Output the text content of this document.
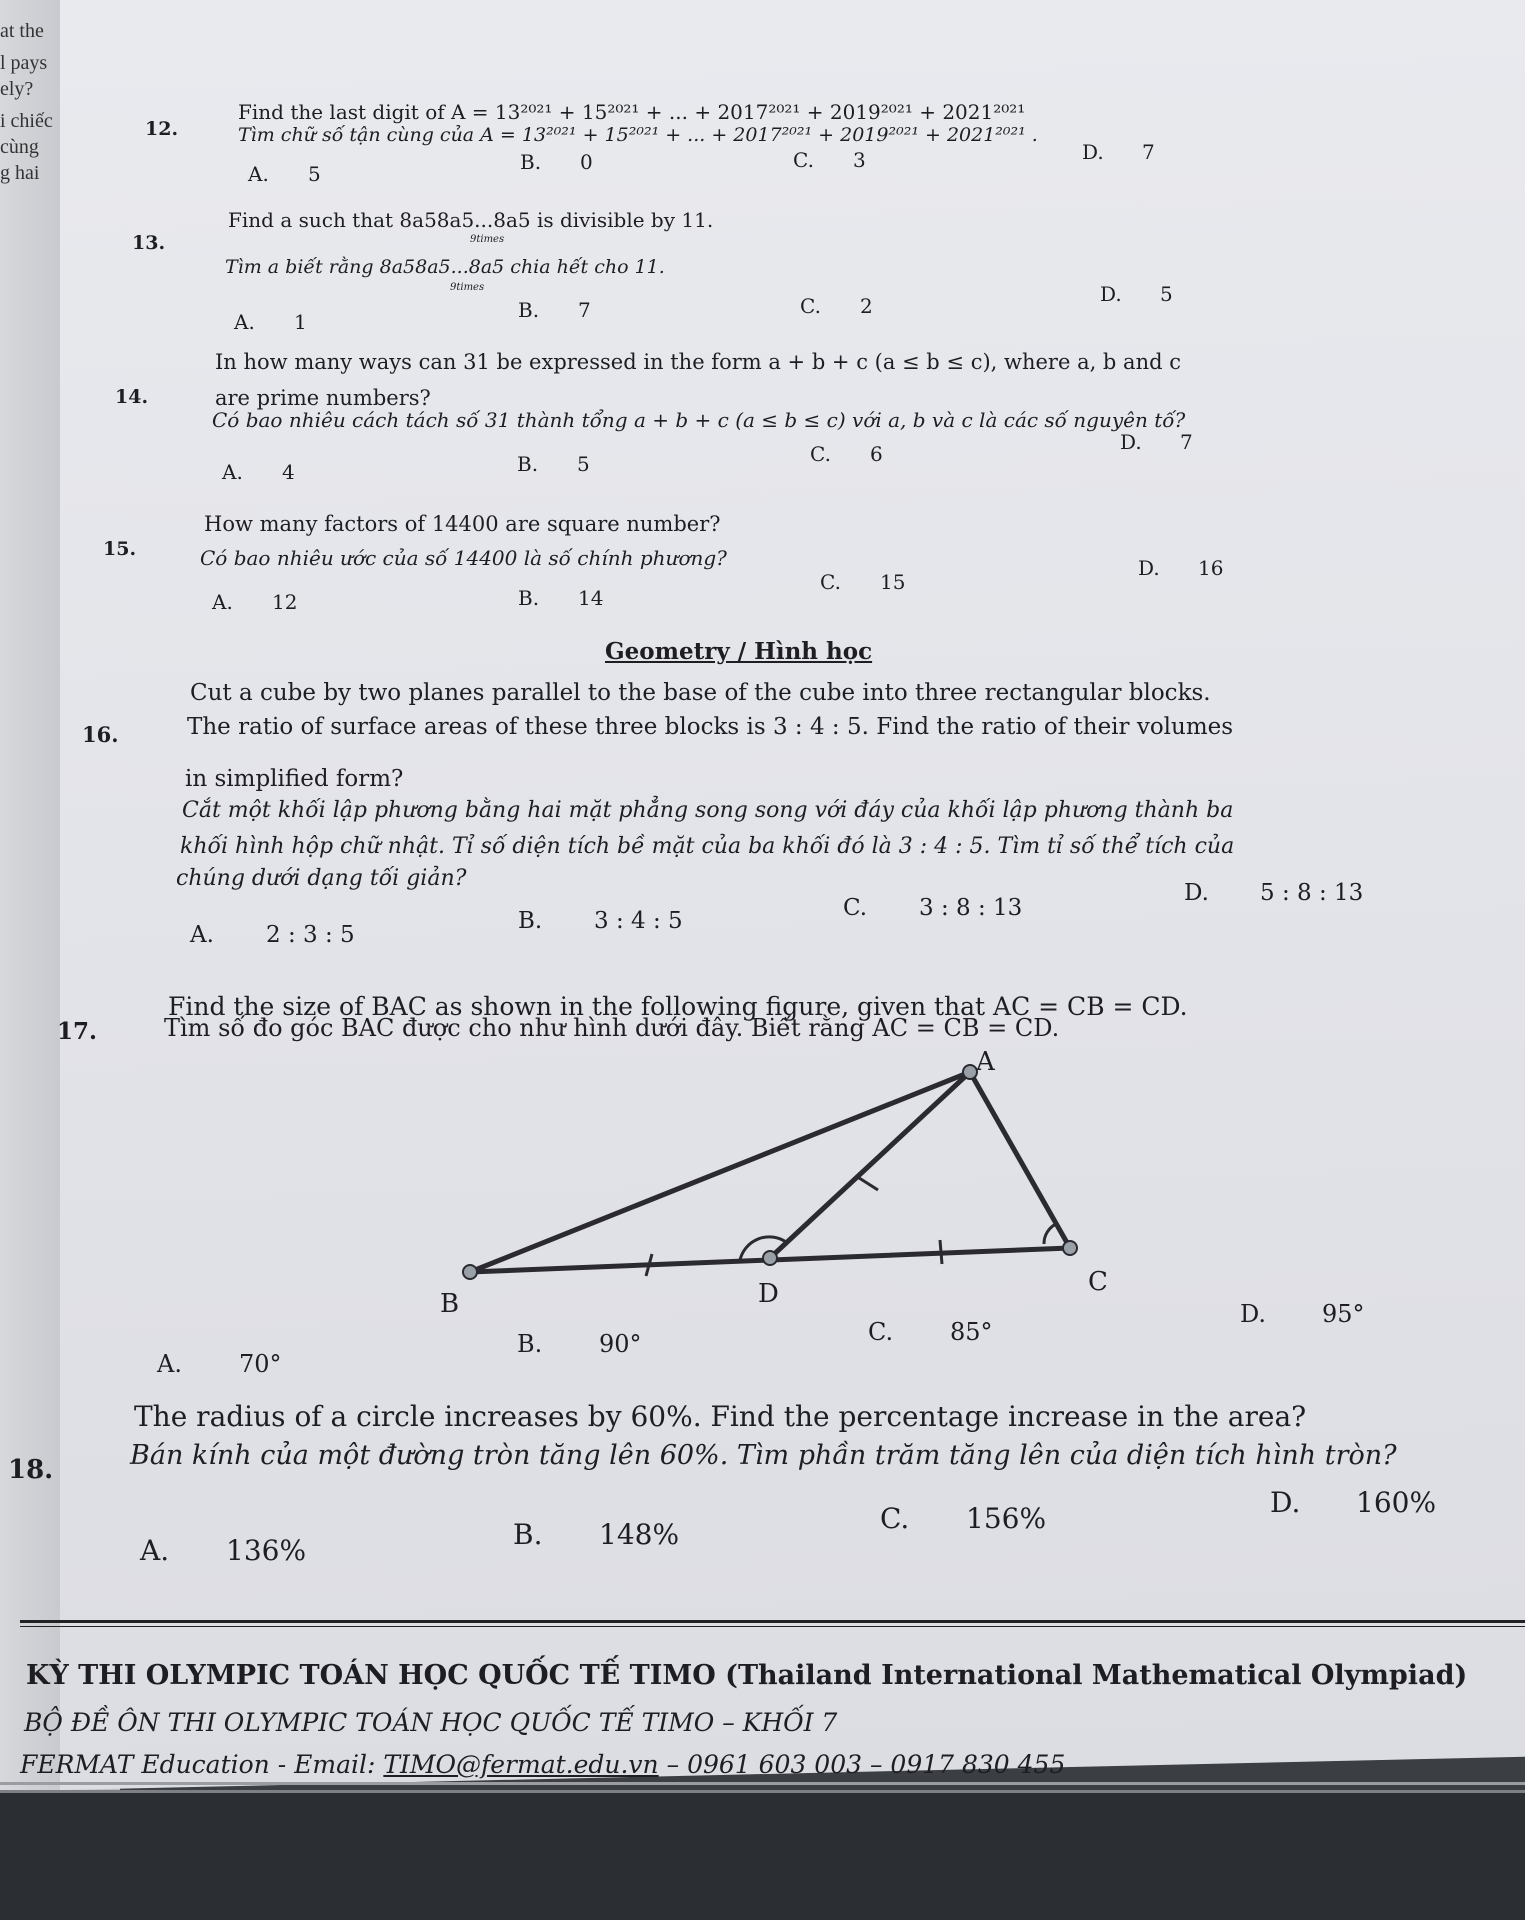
at the
l pays
ely?
i chiếc
cùng
g hai
12.
Find the last digit of A = 13²⁰²¹ + 15²⁰²¹ + ... + 2017²⁰²¹ + 2019²⁰²¹ + 2021²⁰²¹
Tìm chữ số tận cùng của A = 13²⁰²¹ + 15²⁰²¹ + ... + 2017²⁰²¹ + 2019²⁰²¹ + 2021²⁰²¹ .
A. 5	B. 0	C. 3	D. 7
13.
Find a such that 8a58a5...8a5 is divisible by 11.
9times
Tìm a biết rằng 8a58a5...8a5 chia hết cho 11.
9times
A. 1	B. 7	C. 2	D. 5
14.
In how many ways can 31 be expressed in the form a + b + c (a ≤ b ≤ c), where a, b and c
are prime numbers?
Có bao nhiêu cách tách số 31 thành tổng a + b + c (a ≤ b ≤ c) với a, b và c là các số nguyên tố?
A. 4	B. 5	C. 6	D. 7
15.
How many factors of 14400 are square number?
Có bao nhiêu ước của số 14400 là số chính phương?
A. 12	B. 14
C. 15
D. 16
Geometry / Hình học
16.
Cut a cube by two planes parallel to the base of the cube into three rectangular blocks.
The ratio of surface areas of these three blocks is 3 : 4 : 5. Find the ratio of their volumes
in simplified form?
Cắt một khối lập phương bằng hai mặt phẳng song song với đáy của khối lập phương thành ba
khối hình hộp chữ nhật. Tỉ số diện tích bề mặt của ba khối đó là 3 : 4 : 5. Tìm tỉ số thể tích của
chúng dưới dạng tối giản?
A. 2 : 3 : 5
B. 3 : 4 : 5	C. 3 : 8 : 13
D. 5 : 8 : 13
17.
Find the size of BAC as shown in the following figure, given that AC = CB = CD.
Tìm số đo góc BAC được cho như hình dưới đây. Biết rằng AC = CB = CD.
A
B
C
D
A. 70°
B. 90°	C. 85°
D. 95°
18.
The radius of a circle increases by 60%. Find the percentage increase in the area?
Bán kính của một đường tròn tăng lên 60%. Tìm phần trăm tăng lên của diện tích hình tròn?
A. 136%	B. 148%	C. 156%	D. 160%
KỲ THI OLYMPIC TOÁN HỌC QUỐC TẾ TIMO (Thailand International Mathematical Olympiad)
BỘ ĐỀ ÔN THI OLYMPIC TOÁN HỌC QUỐC TẾ TIMO – KHỐI 7
FERMAT Education - Email: TIMO@fermat.edu.vn – 0961 603 003 – 0917 830 455
